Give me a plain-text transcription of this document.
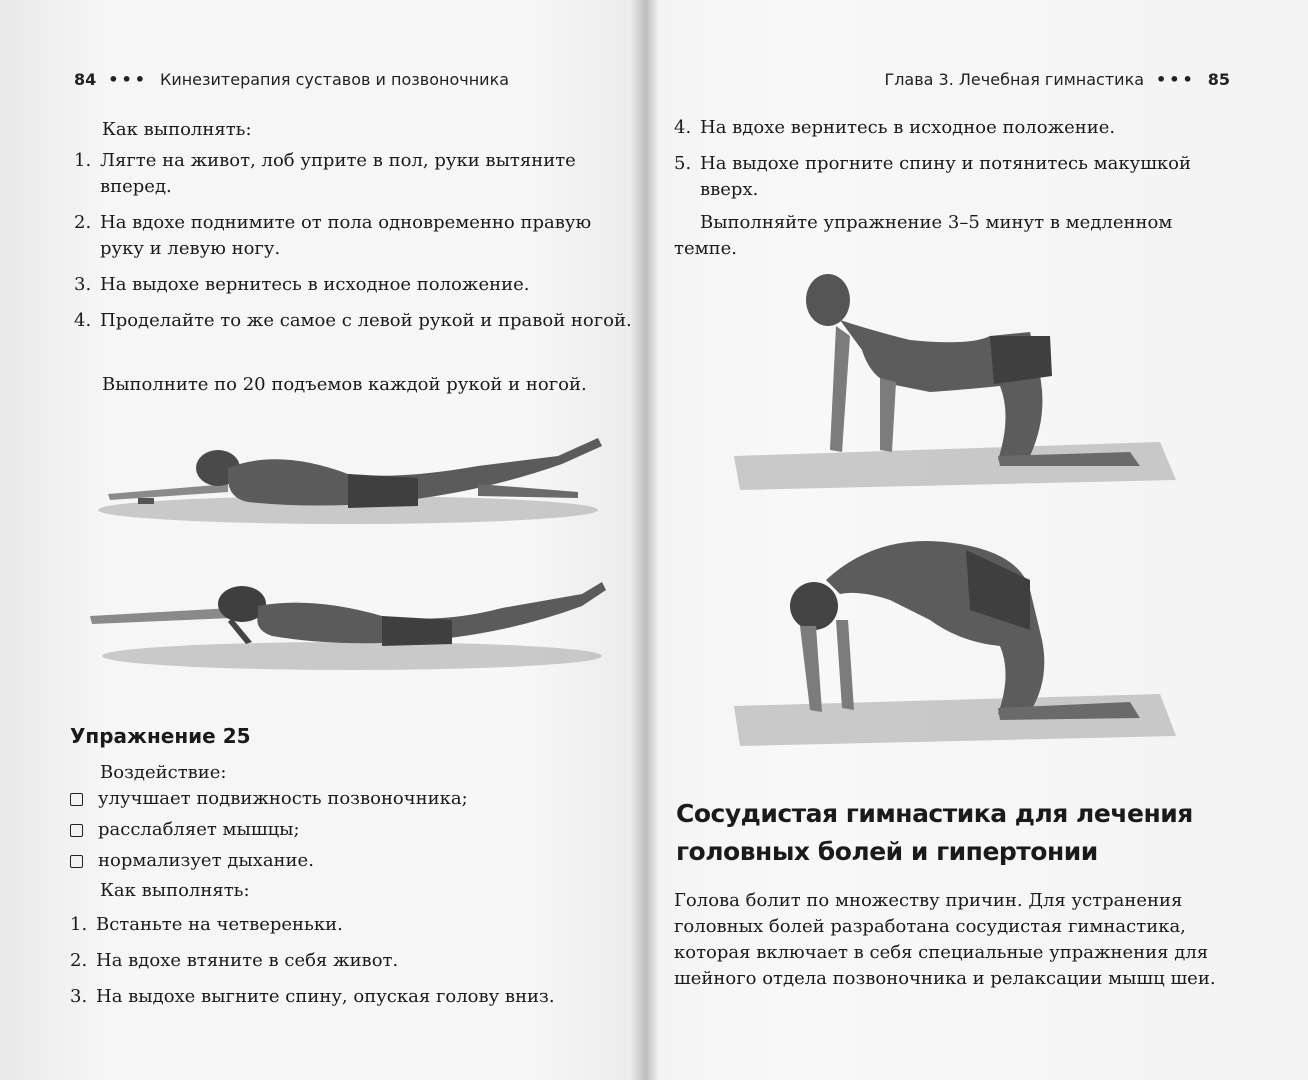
84 ••• Кинезитерапия суставов и позвоночника
Как выполнять:
1. Лягте на живот, лоб уприте в пол, руки вытяните вперед.
2. На вдохе поднимите от пола одновременно правую руку и левую ногу.
3. На выдохе вернитесь в исходное положение.
4. Проделайте то же самое с левой рукой и правой ногой.
Выполните по 20 подъемов каждой рукой и ногой.
Упражнение 25
Воздействие:
улучшает подвижность позвоночника;
расслабляет мышцы;
нормализует дыхание.
Как выполнять:
1. Встаньте на четвереньки.
2. На вдохе втяните в себя живот.
3. На выдохе выгните спину, опуская голову вниз.
Глава 3. Лечебная гимнастика ••• 85
4. На вдохе вернитесь в исходное положение.
5. На выдохе прогните спину и потянитесь макушкой вверх.
Выполняйте упражнение 3–5 минут в медленном темпе.
Сосудистая гимнастика для лечения головных болей и гипертонии
Голова болит по множеству причин. Для устранения головных болей разработана сосудистая гимнастика, которая включает в себя специальные упражнения для шейного отдела позвоночника и релаксации мышц шеи.
